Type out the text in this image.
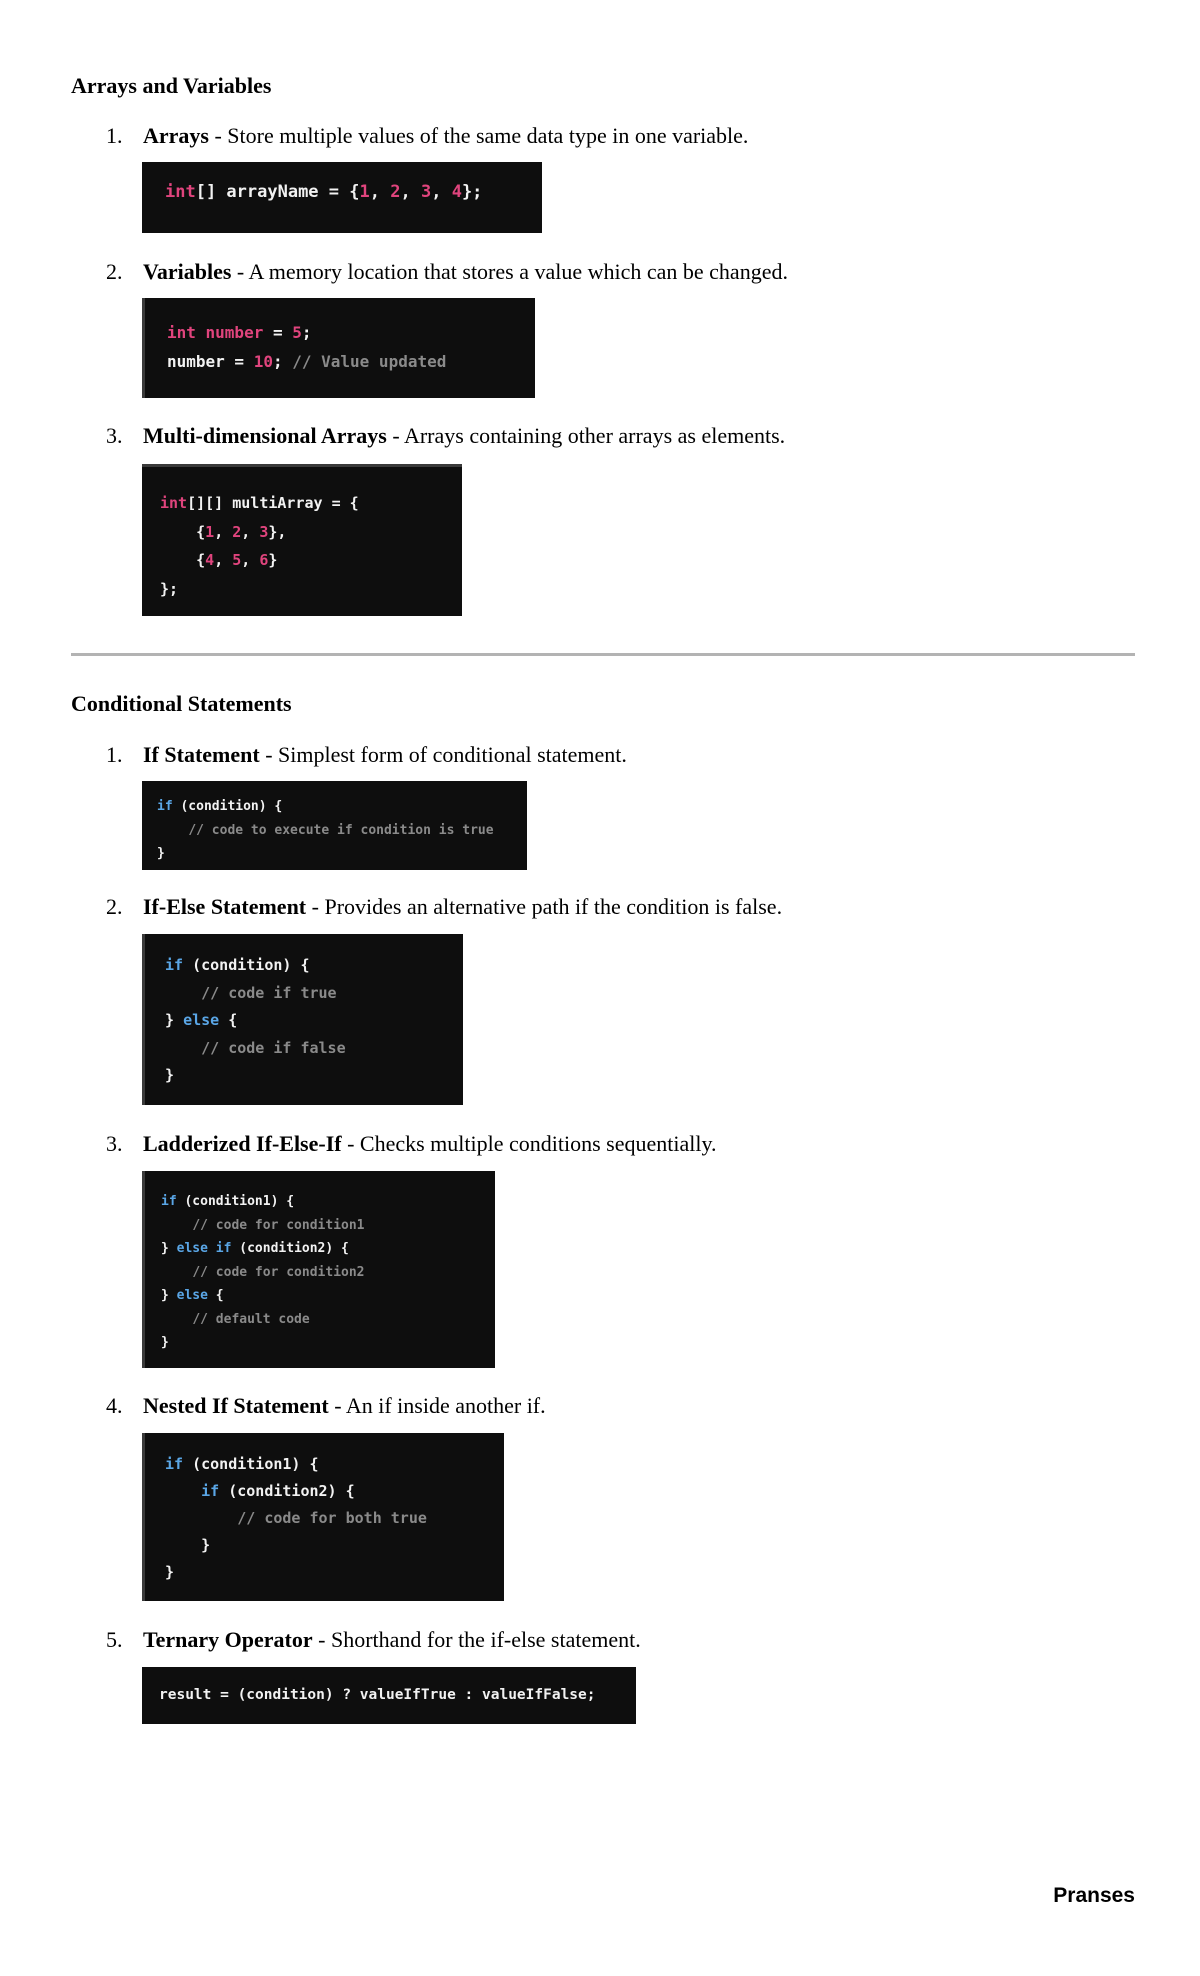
Arrays and Variables
1. Arrays - Store multiple values of the same data type in one variable.
int[] arrayName = {1, 2, 3, 4};
2. Variables - A memory location that stores a value which can be changed.
int number = 5;
number = 10; // Value updated
3. Multi-dimensional Arrays - Arrays containing other arrays as elements.
int[][] multiArray = {
{1, 2, 3},
{4, 5, 6}
};
Conditional Statements
1. If Statement - Simplest form of conditional statement.
if (condition) {
// code to execute if condition is true
}
2. If-Else Statement - Provides an alternative path if the condition is false.
if (condition) {
// code if true
} else {
// code if false
}
3. Ladderized If-Else-If - Checks multiple conditions sequentially.
if (condition1) {
// code for condition1
} else if (condition2) {
// code for condition2
} else {
// default code
}
4. Nested If Statement - An if inside another if.
if (condition1) {
if (condition2) {
// code for both true
}
}
5. Ternary Operator - Shorthand for the if-else statement.
result = (condition) ? valueIfTrue : valueIfFalse;
Pranses
